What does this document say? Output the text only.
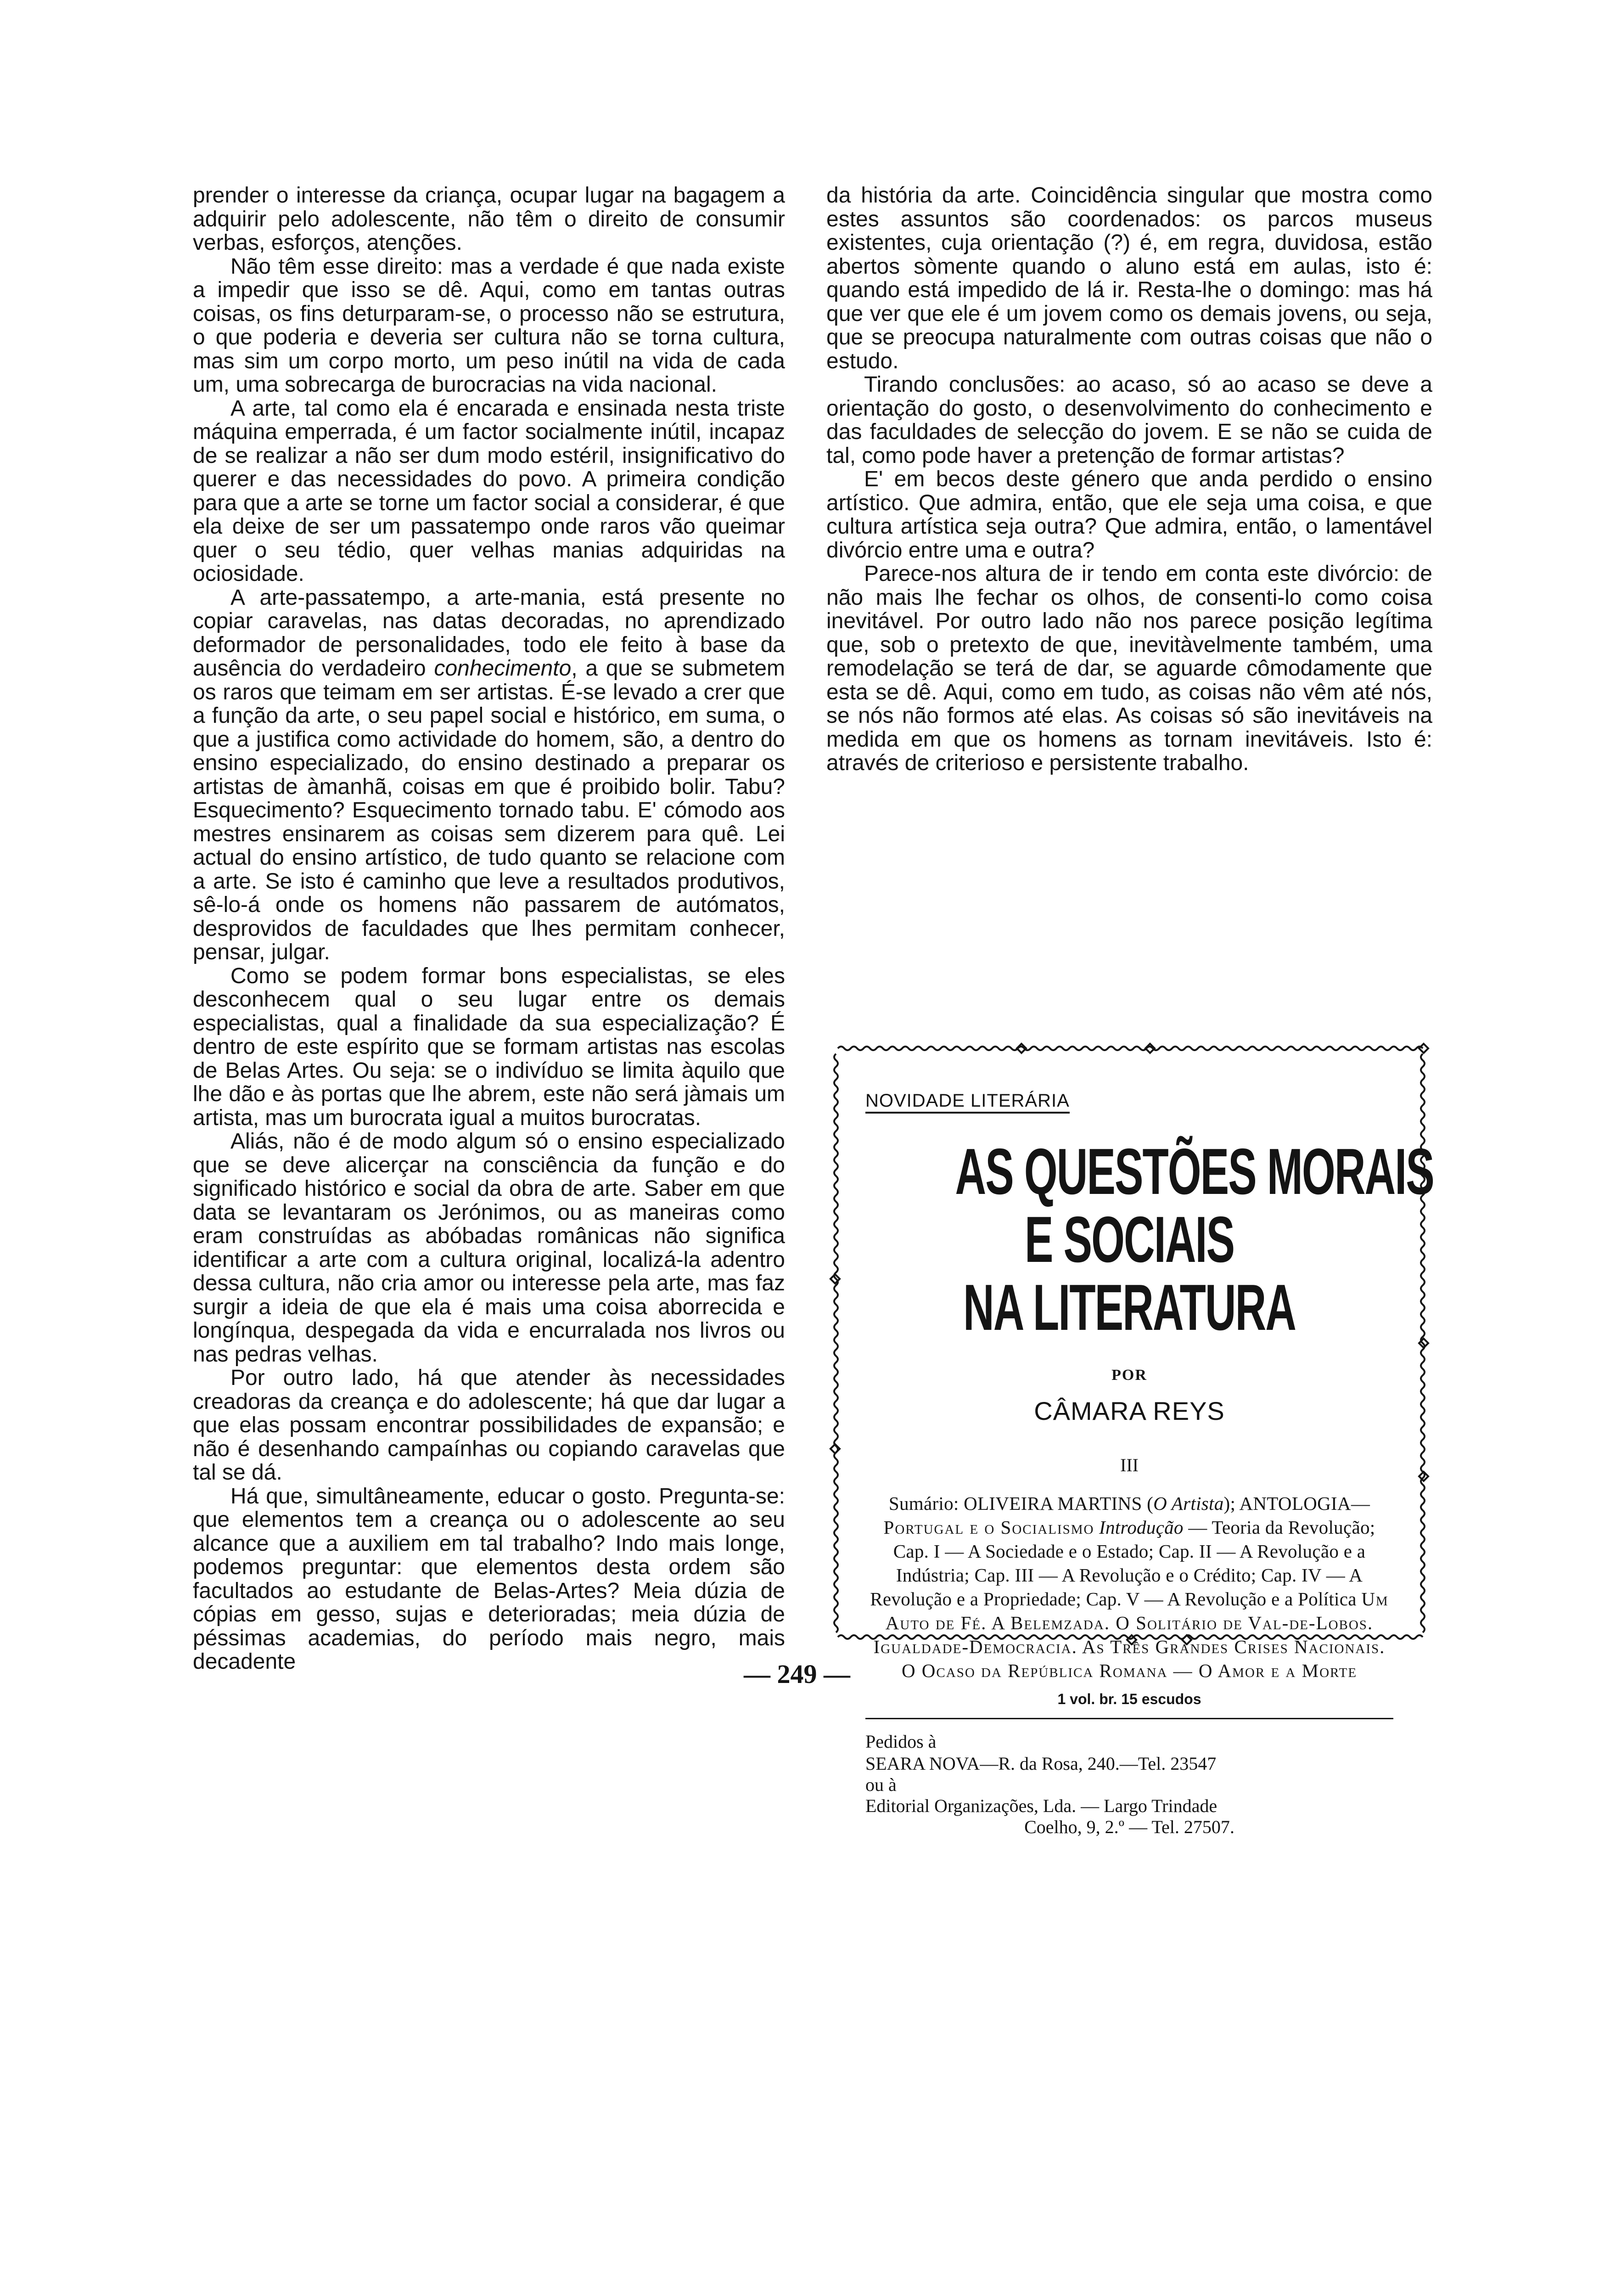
prender o interesse da criança, ocupar lugar na bagagem a adquirir pelo adolescente, não têm o direito de consumir verbas, esforços, atenções.

Não têm esse direito: mas a verdade é que nada existe a impedir que isso se dê. Aqui, como em tantas outras coisas, os fins deturparam-se, o processo não se estrutura, o que poderia e deveria ser cultura não se torna cultura, mas sim um corpo morto, um peso inútil na vida de cada um, uma sobrecarga de burocracias na vida nacional.

A arte, tal como ela é encarada e ensinada nesta triste máquina emperrada, é um factor socialmente inútil, incapaz de se realizar a não ser dum modo estéril, insignificativo do querer e das necessidades do povo. A primeira condição para que a arte se torne um factor social a considerar, é que ela deixe de ser um passatempo onde raros vão queimar quer o seu tédio, quer velhas manias adquiridas na ociosidade.

A arte-passatempo, a arte-mania, está presente no copiar caravelas, nas datas decoradas, no aprendizado deformador de personalidades, todo ele feito à base da ausência do verdadeiro conhecimento, a que se submetem os raros que teimam em ser artistas. É-se levado a crer que a função da arte, o seu papel social e histórico, em suma, o que a justifica como actividade do homem, são, a dentro do ensino especializado, do ensino destinado a preparar os artistas de àmanhã, coisas em que é proibido bolir. Tabu? Esquecimento? Esquecimento tornado tabu. E' cómodo aos mestres ensinarem as coisas sem dizerem para quê. Lei actual do ensino artístico, de tudo quanto se relacione com a arte. Se isto é caminho que leve a resultados produtivos, sê-lo-á onde os homens não passarem de autómatos, desprovidos de faculdades que lhes permitam conhecer, pensar, julgar.

Como se podem formar bons especialistas, se eles desconhecem qual o seu lugar entre os demais especialistas, qual a finalidade da sua especialização? É dentro de este espírito que se formam artistas nas escolas de Belas Artes. Ou seja: se o indivíduo se limita àquilo que lhe dão e às portas que lhe abrem, este não será jàmais um artista, mas um burocrata igual a muitos burocratas.

Aliás, não é de modo algum só o ensino especializado que se deve alicerçar na consciência da função e do significado histórico e social da obra de arte. Saber em que data se levantaram os Jerónimos, ou as maneiras como eram construídas as abóbadas românicas não significa identificar a arte com a cultura original, localizá-la adentro dessa cultura, não cria amor ou interesse pela arte, mas faz surgir a ideia de que ela é mais uma coisa aborrecida e longínqua, despegada da vida e encurralada nos livros ou nas pedras velhas.

Por outro lado, há que atender às necessidades creadoras da creança e do adolescente; há que dar lugar a que elas possam encontrar possibilidades de expansão; e não é desenhando campaínhas ou copiando caravelas que tal se dá.

Há que, simultâneamente, educar o gosto. Pregunta-se: que elementos tem a creança ou o adolescente ao seu alcance que a auxiliem em tal trabalho? Indo mais longe, podemos preguntar: que elementos desta ordem são facultados ao estudante de Belas-Artes? Meia dúzia de cópias em gesso, sujas e deterioradas; meia dúzia de péssimas academias, do período mais negro, mais decadente

da história da arte. Coincidência singular que mostra como estes assuntos são coordenados: os parcos museus existentes, cuja orientação (?) é, em regra, duvidosa, estão abertos sòmente quando o aluno está em aulas, isto é: quando está impedido de lá ir. Resta-lhe o domingo: mas há que ver que ele é um jovem como os demais jovens, ou seja, que se preocupa naturalmente com outras coisas que não o estudo.

Tirando conclusões: ao acaso, só ao acaso se deve a orientação do gosto, o desenvolvimento do conhecimento e das faculdades de selecção do jovem. E se não se cuida de tal, como pode haver a pretenção de formar artistas?

E' em becos deste género que anda perdido o ensino artístico. Que admira, então, que ele seja uma coisa, e que cultura artística seja outra? Que admira, então, o lamentável divórcio entre uma e outra?

Parece-nos altura de ir tendo em conta este divórcio: de não mais lhe fechar os olhos, de consenti-lo como coisa inevitável. Por outro lado não nos parece posição legítima que, sob o pretexto de que, inevitàvelmente também, uma remodelação se terá de dar, se aguarde cômodamente que esta se dê. Aqui, como em tudo, as coisas não vêm até nós, se nós não formos até elas. As coisas só são inevitáveis na medida em que os homens as tornam inevitáveis. Isto é: através de criterioso e persistente trabalho.

NOVIDADE LITERÁRIA
AS QUESTÕES MORAIS
E SOCIAIS
NA LITERATURA
POR
CÂMARA REYS
III
Sumário: OLIVEIRA MARTINS (O Artista); ANTOLOGIA—Portugal e o Socialismo Introdução — Teoria da Revolução; Cap. I — A Sociedade e o Estado; Cap. II — A Revolução e a Indústria; Cap. III — A Revolução e o Crédito; Cap. IV — A Revolução e a Propriedade; Cap. V — A Revolução e a Política Um Auto de Fé. A Belemzada. O Solitário de Val-de-Lobos. Igualdade-Democracia. As Três Grandes Crises Nacionais. O Ocaso da República Romana — O Amor e a Morte
1 vol. br. 15 escudos
Pedidos à
SEARA NOVA—R. da Rosa, 240.—Tel. 23547
ou à
Editorial Organizações, Lda. — Largo Trindade
Coelho, 9, 2.º — Tel. 27507.
— 249 —
